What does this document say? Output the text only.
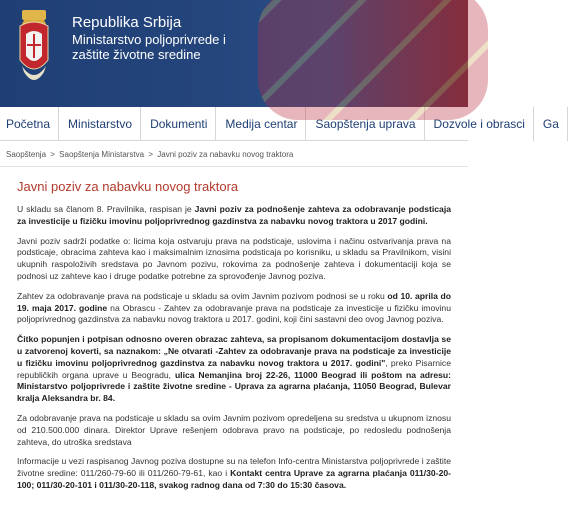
Republika Srbija
Ministarstvo poljoprivrede i
zaštite životne sredine
Početna	Ministarstvo	Dokumenti	Medija centar	Saopštenja uprava	Dozvole i obrasci	Ga
Saopštenja > Saopštenja Ministarstva > Javni poziv za nabavku novog traktora
Javni poziv za nabavku novog traktora

U skladu sa članom 8. Pravilnika, raspisan je Javni poziv za podnošenje zahteva za odobravanje podsticaja za investicije u fizičku imovinu poljoprivrednog gazdinstva za nabavku novog traktora u 2017 godini.

Javni poziv sadrži podatke o: licima koja ostvaruju prava na podsticaje, uslovima i načinu ostvarivanja prava na podsticaje, obracima zahteva kao i maksimalnim iznosima podsticaja po korisniku, u skladu sa Pravilnikom, visini ukupnih raspoloživih sredstava po Javnom pozivu, rokovima za podnošenje zahteva i dokumentaciji koja se podnosi uz zahteve kao i druge podatke potrebne za sprovođenje Javnog poziva.

Zahtev za odobravanje prava na podsticaje u skladu sa ovim Javnim pozivom podnosi se u roku od 10. aprila do 19. maja 2017. godine na Obrascu - Zahtev za odobravanje prava na podsticaje za investicije u fizičku imovinu poljoprivrednog gazdinstva za nabavku novog traktora u 2017. godini, koji čini sastavni deo ovog Javnog poziva.

Čitko popunjen i potpisan odnosno overen obrazac zahteva, sa propisanom dokumentacijom dostavlja se u zatvorenoj koverti, sa naznakom: „Ne otvarati -Zahtev za odobravanje prava na podsticaje za investicije u fizičku imovinu poljoprivrednog gazdinstva za nabavku novog traktora u 2017. godini", preko Pisarnice republičkih organa uprave u Beogradu, ulica Nemanjina broj 22-26, 11000 Beograd ili poštom na adresu: Ministarstvo poljoprivrede i zaštite životne sredine - Uprava za agrarna plaćanja, 11050 Beograd, Bulevar kralja Aleksandra br. 84.

Za odobravanje prava na podsticaje u skladu sa ovim Javnim pozivom opredeljena su sredstva u ukupnom iznosu od 210.500.000 dinara. Direktor Uprave rešenjem odobrava pravo na podsticaje, po redosledu podnošenja zahteva, do utroška sredstava

Informacije u vezi raspisanog Javnog poziva dostupne su na telefon Info-centra Ministarstva poljoprivrede i zaštite životne sredine: 011/260-79-60 ili 011/260-79-61, kao i Kontakt centra Uprave za agrarna plaćanja 011/30-20-100; 011/30-20-101 i 011/30-20-118, svakog radnog dana od 7:30 do 15:30 časova.
